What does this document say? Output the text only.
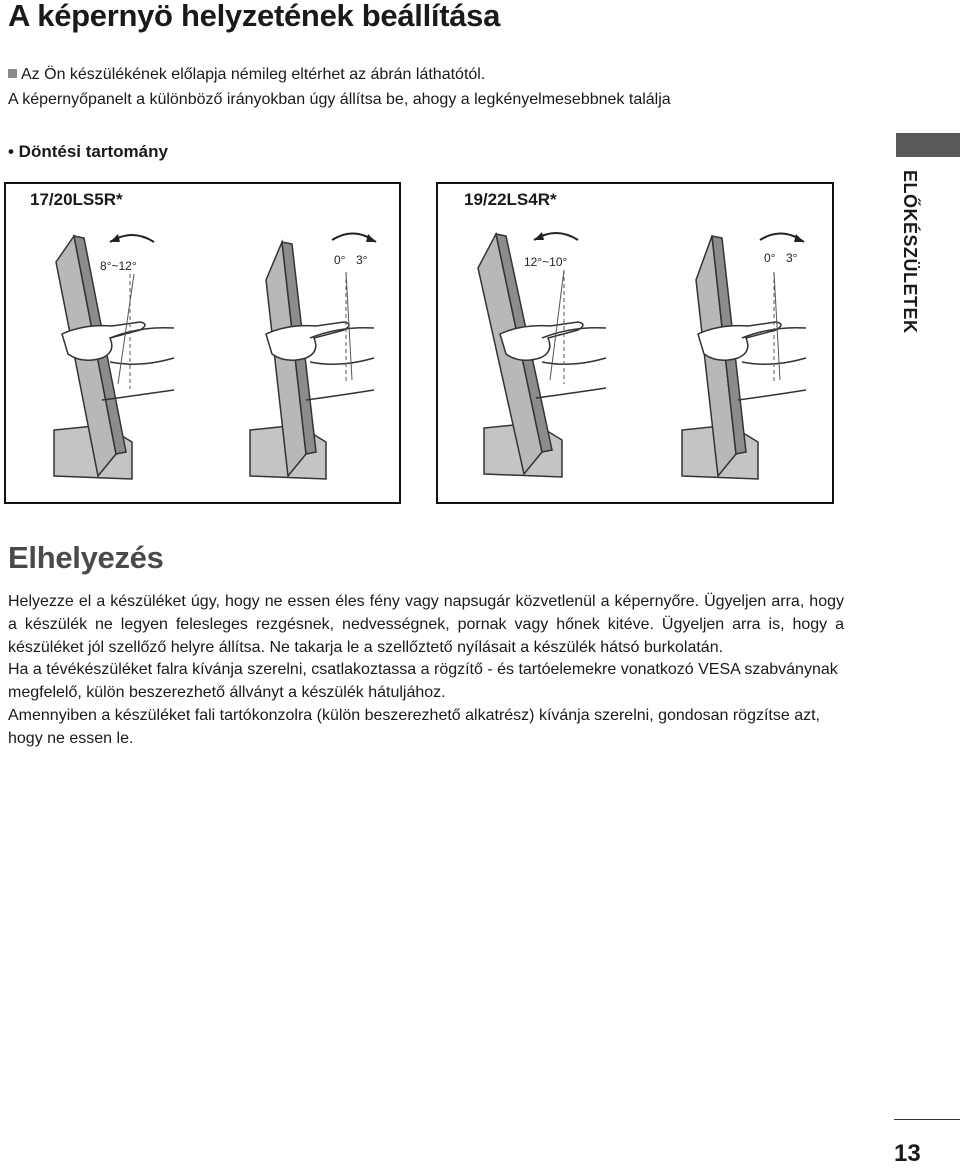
A képernyö helyzetének beállítása
Az Ön készülékének előlapja némileg eltérhet az ábrán láthatótól.
A képernyőpanelt a különböző irányokban úgy állítsa be, ahogy a legkényelmesebbnek találja
• Döntési tartomány
17/20LS5R*
8°~12°	0° 3°
19/22LS4R*
12°~10°	0° 3°	ELŐKÉSZÜLETEK
Elhelyezés

Helyezze el a készüléket úgy, hogy ne essen éles fény vagy napsugár közvetlenül a képernyőre. Ügyeljen arra, hogy a készülék ne legyen felesleges rezgésnek, nedvességnek, pornak vagy hőnek kitéve. Ügyeljen arra is, hogy a készüléket jól szellőző helyre állítsa. Ne takarja le a szellőztető nyílásait a készülék hátsó burkolatán.

Ha a tévékészüléket falra kívánja szerelni, csatlakoztassa a rögzítő - és tartóelemekre vonatkozó VESA szabványnak megfelelő, külön beszerezhető állványt a készülék hátuljához.

Amennyiben a készüléket fali tartókonzolra (külön beszerezhető alkatrész) kívánja szerelni, gondosan rögzítse azt, hogy ne essen le.

13
